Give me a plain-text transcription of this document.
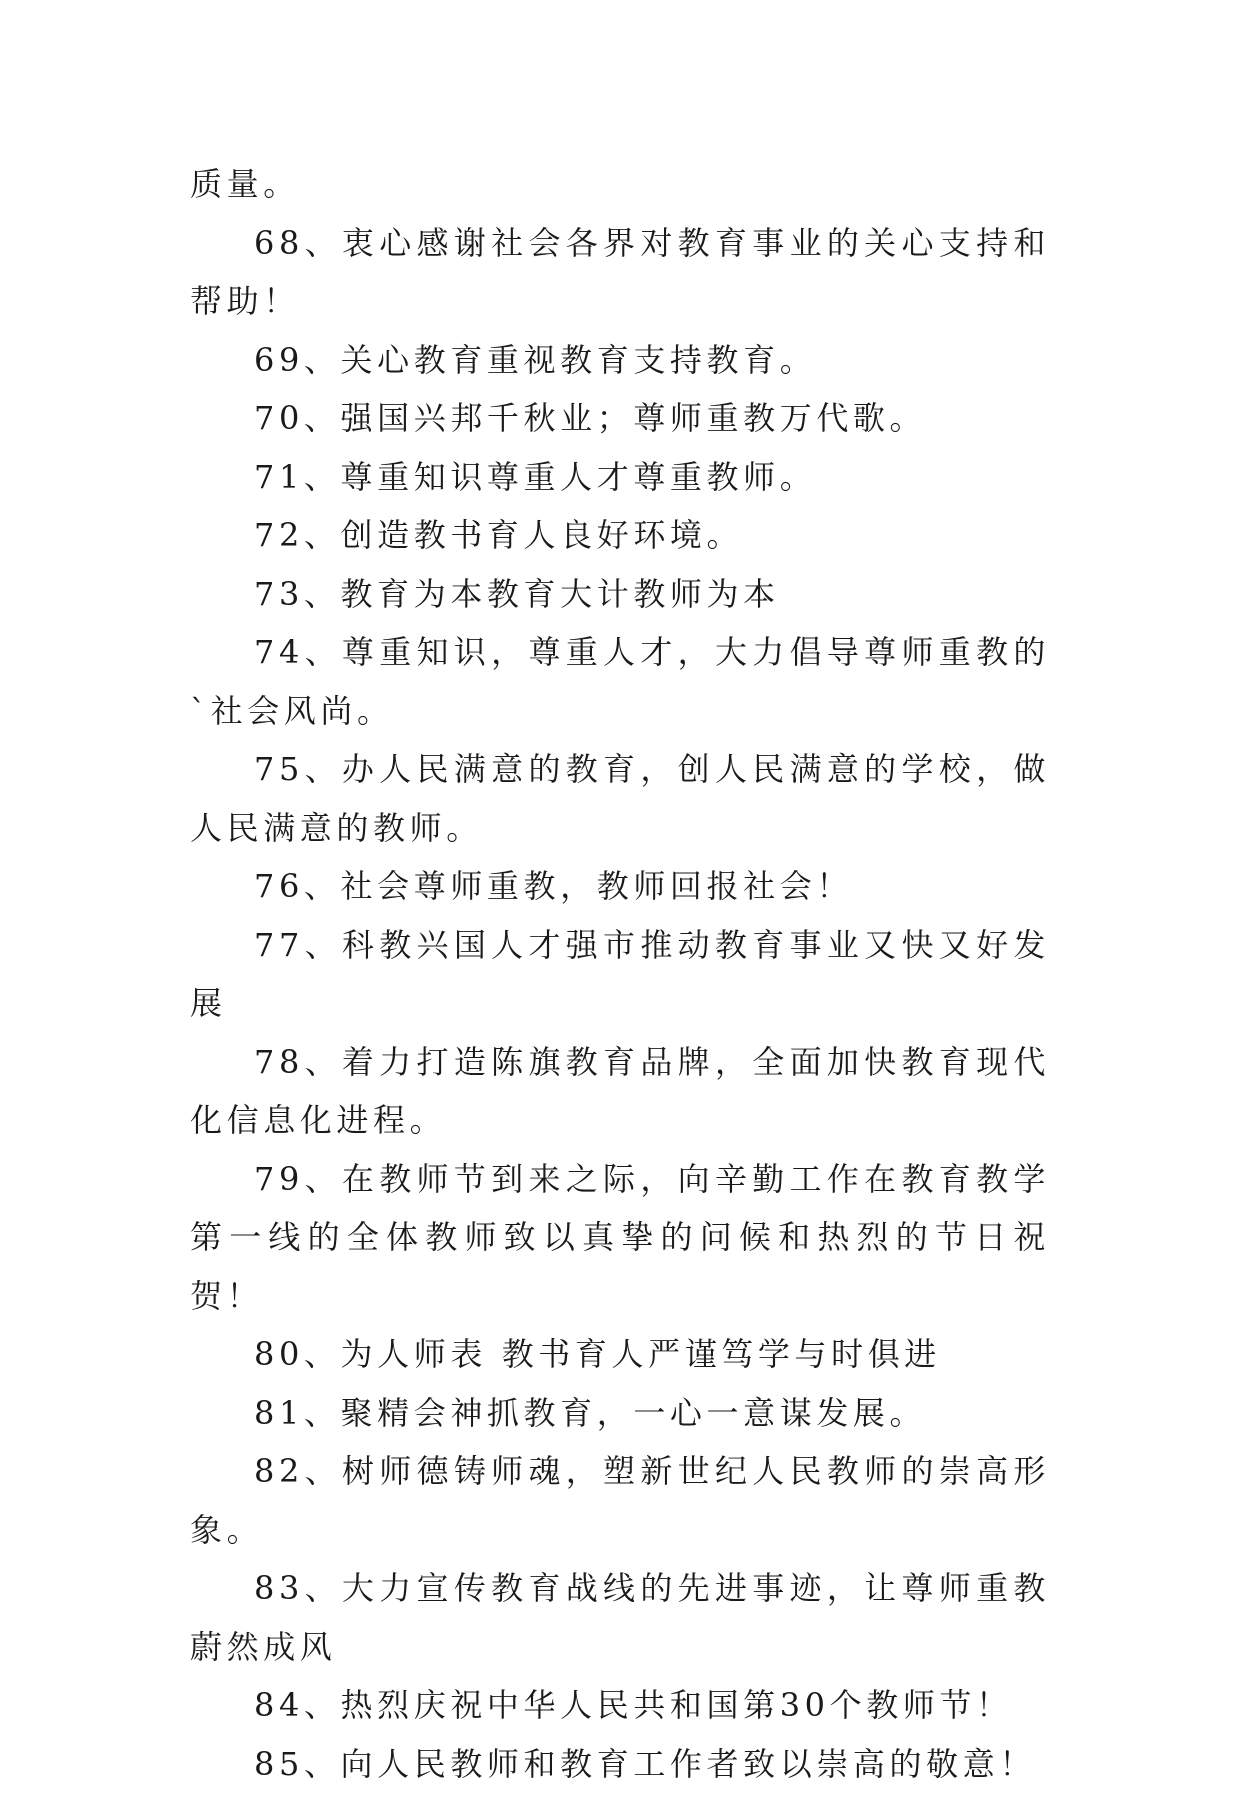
质量。

68、衷心感谢社会各界对教育事业的关心支持和帮助！

69、关心教育重视教育支持教育。

70、强国兴邦千秋业；尊师重教万代歌。

71、尊重知识尊重人才尊重教师。

72、创造教书育人良好环境。

73、教育为本教育大计教师为本

74、尊重知识，尊重人才，大力倡导尊师重教的`社会风尚。

75、办人民满意的教育，创人民满意的学校，做人民满意的教师。

76、社会尊师重教，教师回报社会！

77、科教兴国人才强市推动教育事业又快又好发展

78、着力打造陈旗教育品牌，全面加快教育现代化信息化进程。

79、在教师节到来之际，向辛勤工作在教育教学第一线的全体教师致以真挚的问候和热烈的节日祝贺！

80、为人师表 教书育人严谨笃学与时俱进

81、聚精会神抓教育，一心一意谋发展。

82、树师德铸师魂，塑新世纪人民教师的崇高形象。

83、大力宣传教育战线的先进事迹，让尊师重教蔚然成风

84、热烈庆祝中华人民共和国第30个教师节！

85、向人民教师和教育工作者致以崇高的敬意！
